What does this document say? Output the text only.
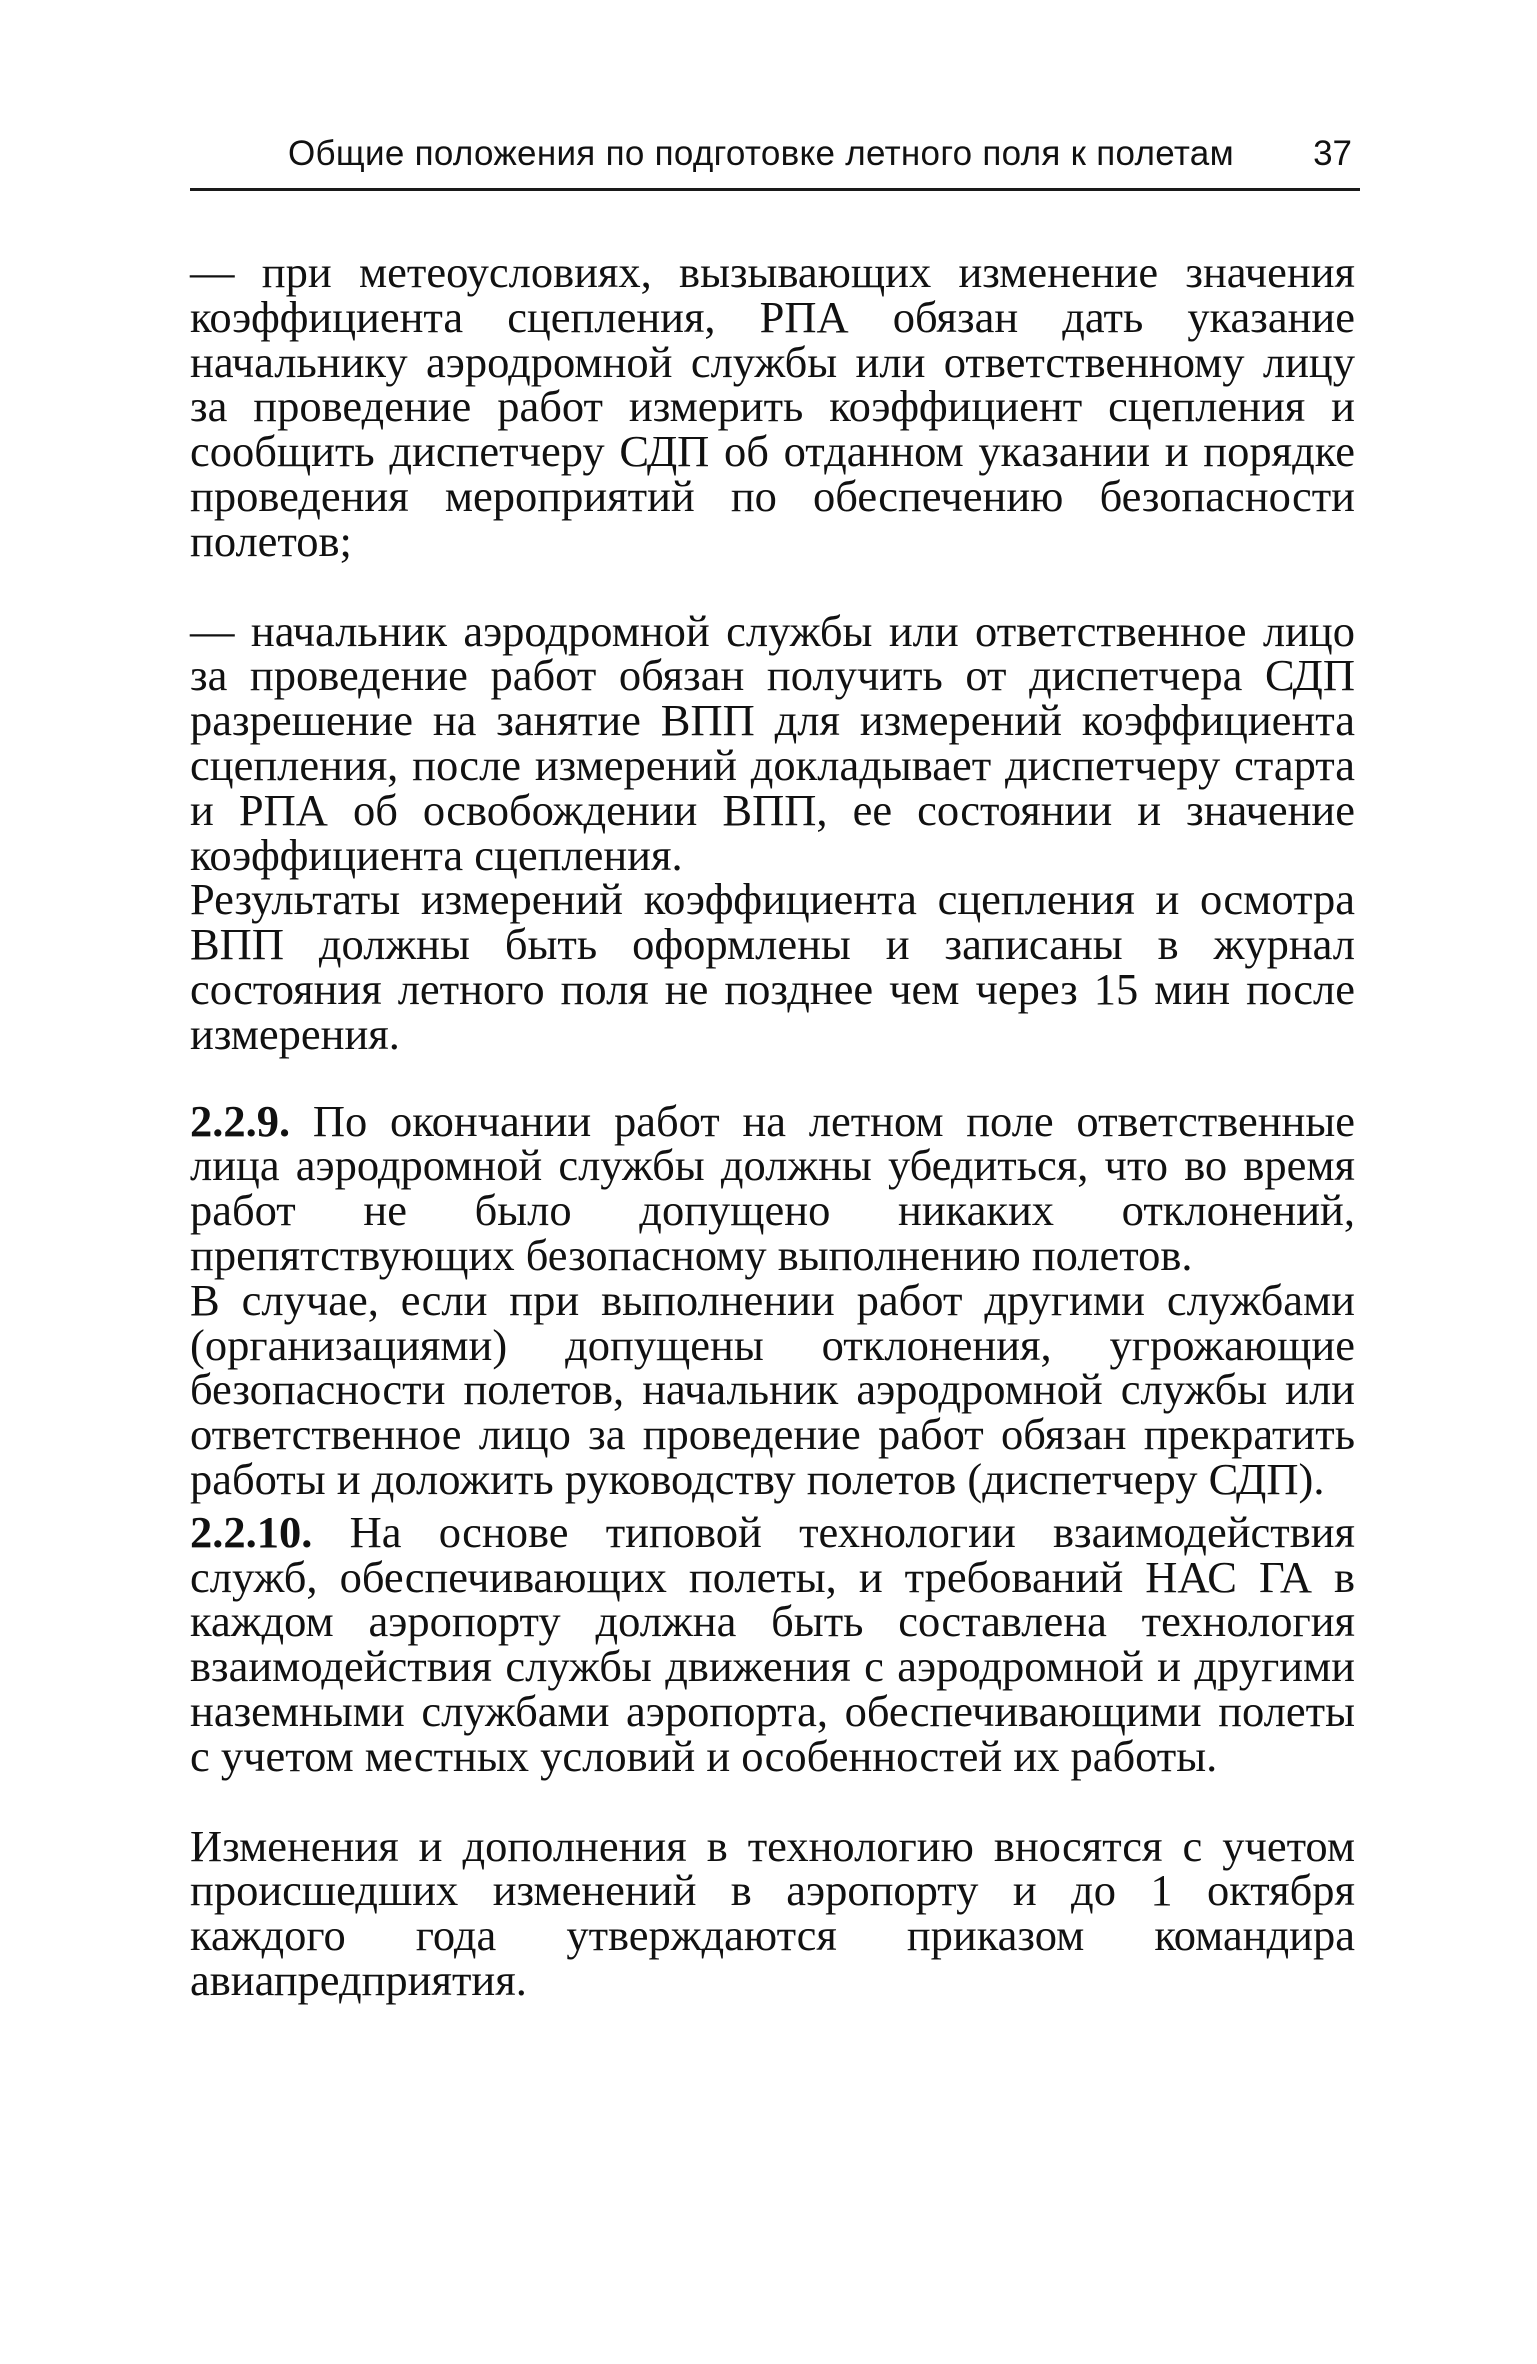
Общие положения по подготовке летного поля к полетам 37

— при метеоусловиях, вызывающих изменение значения коэффициента сцепления, РПА обязан дать указание начальнику аэродромной службы или ответственному лицу за проведение работ измерить коэффициент сцепления и сообщить диспетчеру СДП об отданном указании и порядке проведения мероприятий по обеспечению безопасности полетов;

— начальник аэродромной службы или ответственное лицо за проведение работ обязан получить от диспетчера СДП разрешение на занятие ВПП для измерений коэффициента сцепления, после измерений докладывает диспетчеру старта и РПА об освобождении ВПП, ее состоянии и значение коэффициента сцепления.

Результаты измерений коэффициента сцепления и осмотра ВПП должны быть оформлены и записаны в журнал состояния летного поля не позднее чем через 15 мин после измерения.

2.2.9. По окончании работ на летном поле ответственные лица аэродромной службы должны убедиться, что во время работ не было допущено никаких отклонений, препятствующих безопасному выполнению полетов.

В случае, если при выполнении работ другими службами (организациями) допущены отклонения, угрожающие безопасности полетов, начальник аэродромной службы или ответственное лицо за проведение работ обязан прекратить работы и доложить руководству полетов (диспетчеру СДП).

2.2.10. На основе типовой технологии взаимодействия служб, обеспечивающих полеты, и требований НАС ГА в каждом аэропорту должна быть составлена технология взаимодействия службы движения с аэродромной и другими наземными службами аэропорта, обеспечивающими полеты с учетом местных условий и особенностей их работы.

Изменения и дополнения в технологию вносятся с учетом происшедших изменений в аэропорту и до 1 октября каждого года утверждаются приказом командира авиапредприятия.
